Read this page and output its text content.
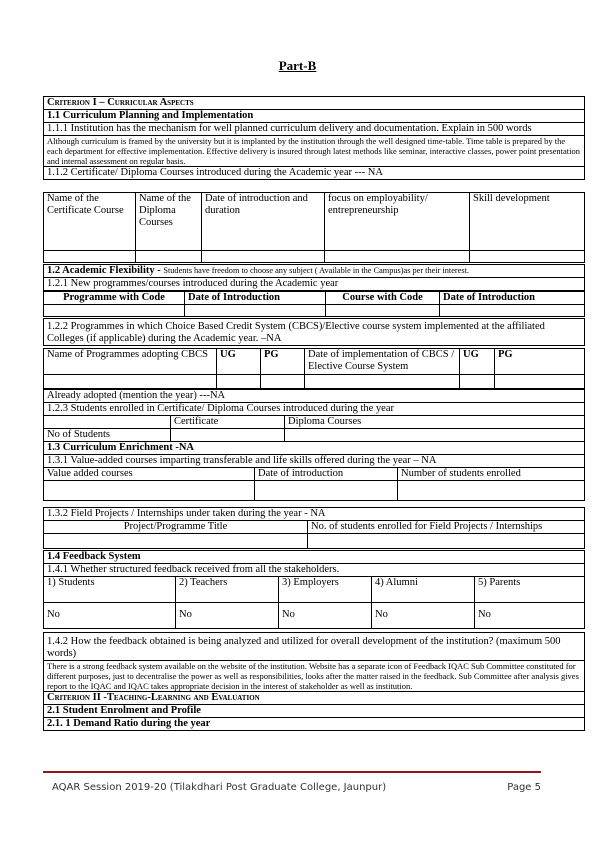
Part-B
Criterion I – Curricular Aspects
1.1 Curriculum Planning and Implementation
1.1.1 Institution has the mechanism for well planned curriculum delivery and documentation. Explain in 500 words
Although curriculum is framed by the university but it is implanted by the institution through the well designed time-table. Time table is prepared by the each department for effective implementation. Effective delivery is insured through latest methods like seminar, interactive classes, power point presentation and internal assessment on regular basis.
1.1.2 Certificate/ Diploma Courses introduced during the Academic year --- NA
Name of the Certificate Course	Name of the Diploma Courses	Date of introduction and duration	focus on employability/ entrepreneurship	Skill development

1.2 Academic Flexibility - Students have freedom to choose any subject ( Available in the Campus)as per their interest.
1.2.1 New programmes/courses introduced during the Academic year
Programme with Code	Date of Introduction	Course with Code	Date of Introduction

1.2.2 Programmes in which Choice Based Credit System (CBCS)/Elective course system implemented at the affiliated Colleges (if applicable) during the Academic year. –NA
Name of Programmes adopting CBCS	UG	PG	Date of implementation of CBCS / Elective Course System	UG	PG

Already adopted (mention the year) ---NA
1.2.3 Students enrolled in Certificate/ Diploma Courses introduced during the year
	Certificate	Diploma Courses
No of Students		
1.3 Curriculum Enrichment -NA
1.3.1 Value-added courses imparting transferable and life skills offered during the year – NA
Value added courses	Date of introduction	Number of students enrolled

1.3.2 Field Projects / Internships under taken during the year - NA
Project/Programme Title	No. of students enrolled for Field Projects / Internships

1.4 Feedback System
1.4.1 Whether structured feedback received from all the stakeholders.
1) Students	2) Teachers	3) Employers	4) Alumni	5) Parents
No	No	No	No	No
1.4.2 How the feedback obtained is being analyzed and utilized for overall development of the institution? (maximum 500 words)
There is a strong feedback system available on the website of the institution. Website has a separate icon of Feedback IQAC Sub Committee constituted for different purposes, just to decentralise the power as well as responsibilities, looks after the matter raised in the feedback. Sub Committee after analysis gives report to the IQAC and IQAC takes appropriate decision in the interest of stakeholder as well as institution.
Criterion II -Teaching-Learning and Evaluation
2.1 Student Enrolment and Profile
2.1. 1 Demand Ratio during the year
AQAR Session 2019-20 (Tilakdhari Post Graduate College, Jaunpur)	Page 5
